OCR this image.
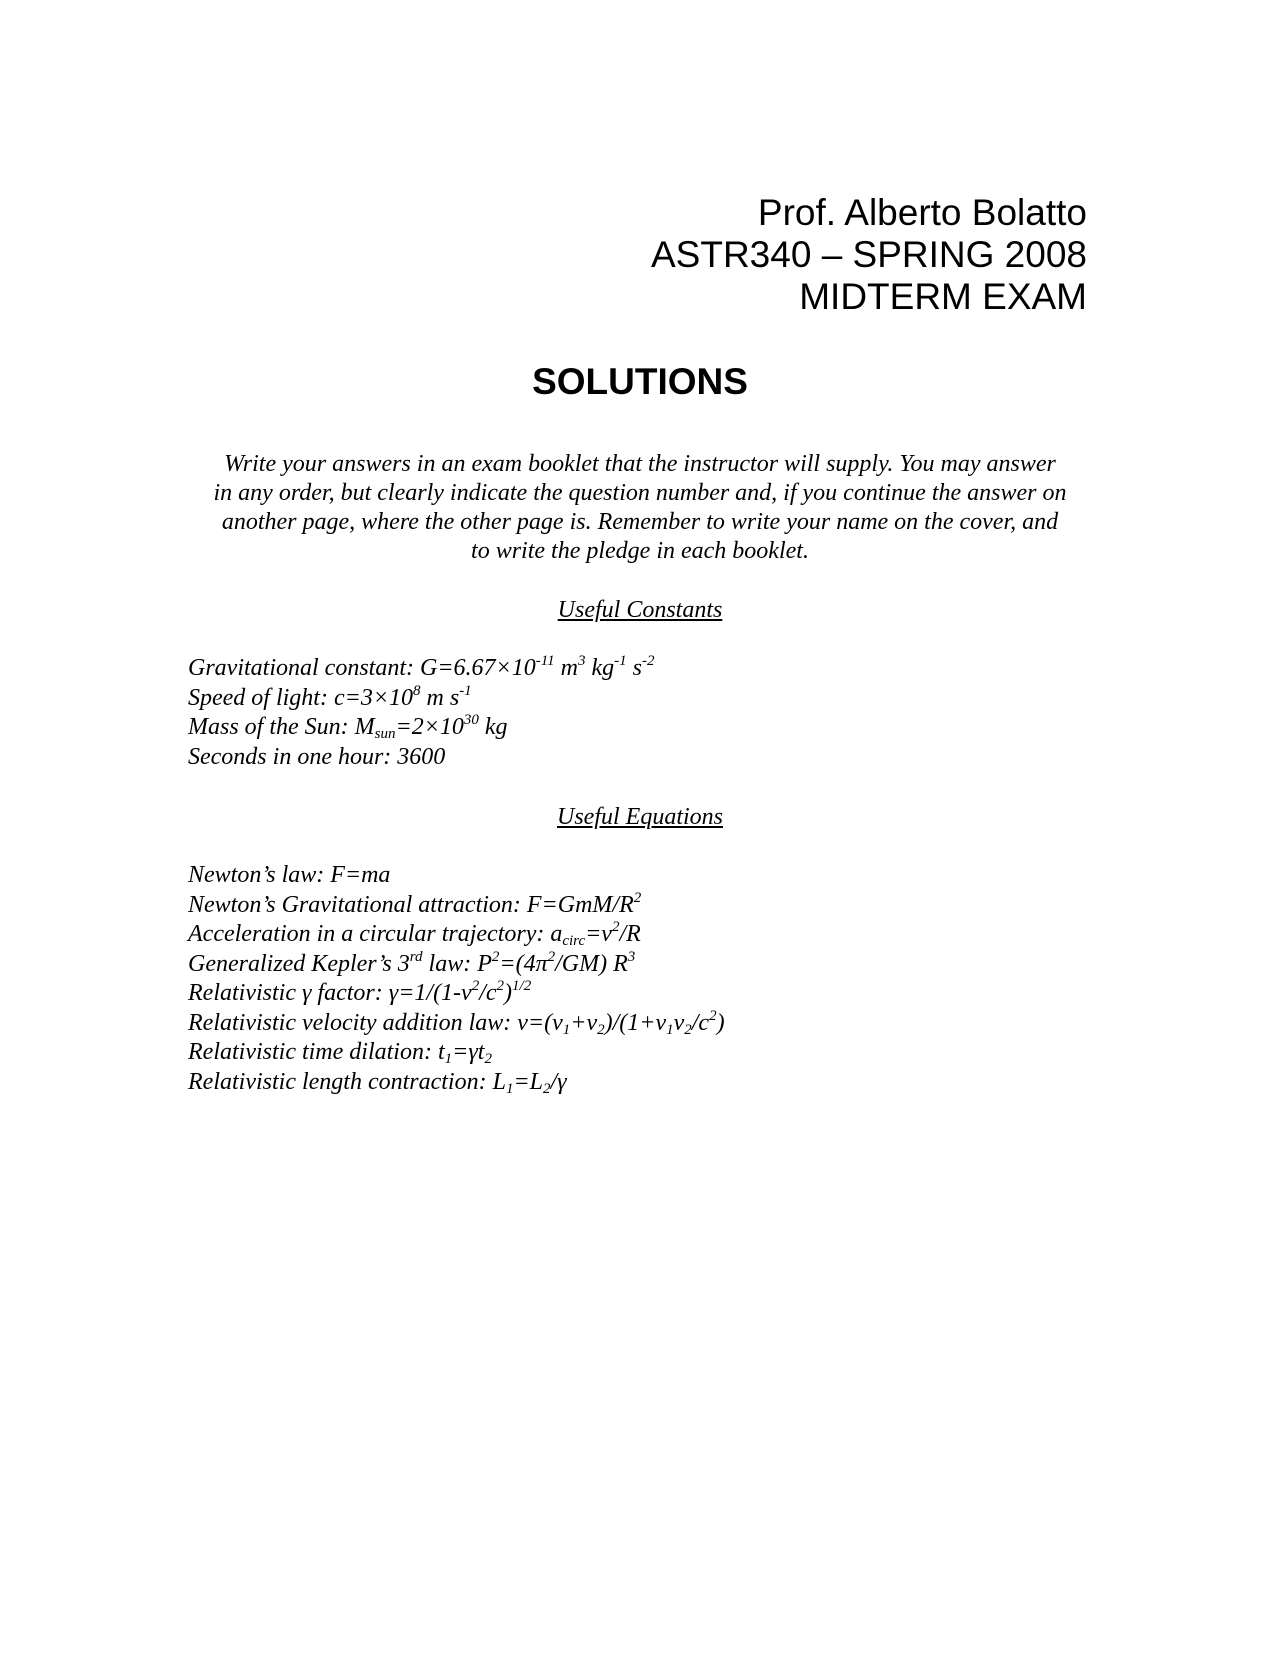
Prof. Alberto Bolatto
ASTR340 – SPRING 2008
MIDTERM EXAM
SOLUTIONS
Write your answers in an exam booklet that the instructor will supply. You may answer
in any order, but clearly indicate the question number and, if you continue the answer on
another page, where the other page is. Remember to write your name on the cover, and
to write the pledge in each booklet.
Useful Constants
Gravitational constant: $G=6.67\times 10^{-11}$ $m^3$ $kg^{-1}$ $s^{-2}$
Speed of light: $c=3\times 10^8$ m $s^{-1}$
Mass of the Sun: $M_{sun}=2\times 10^{30}$ kg
Seconds in one hour: 3600
Useful Equations
Newton’s law: F=ma
Newton’s Gravitational attraction: $F=GmM/R^2$
Acceleration in a circular trajectory: $a_{circ}=v^2/R$
Generalized Kepler’s 3rd law: $P^2=(4\pi^2/GM)$ $R^3$
Relativistic γ factor: $\gamma=1/(1-v^2/c^2)^{1/2}$
Relativistic velocity addition law: $v=(v_1+v_2)/(1+v_1v_2/c^2)$
Relativistic time dilation: $t_1=\gamma t_2$
Relativistic length contraction: $L_1=L_2/\gamma$
